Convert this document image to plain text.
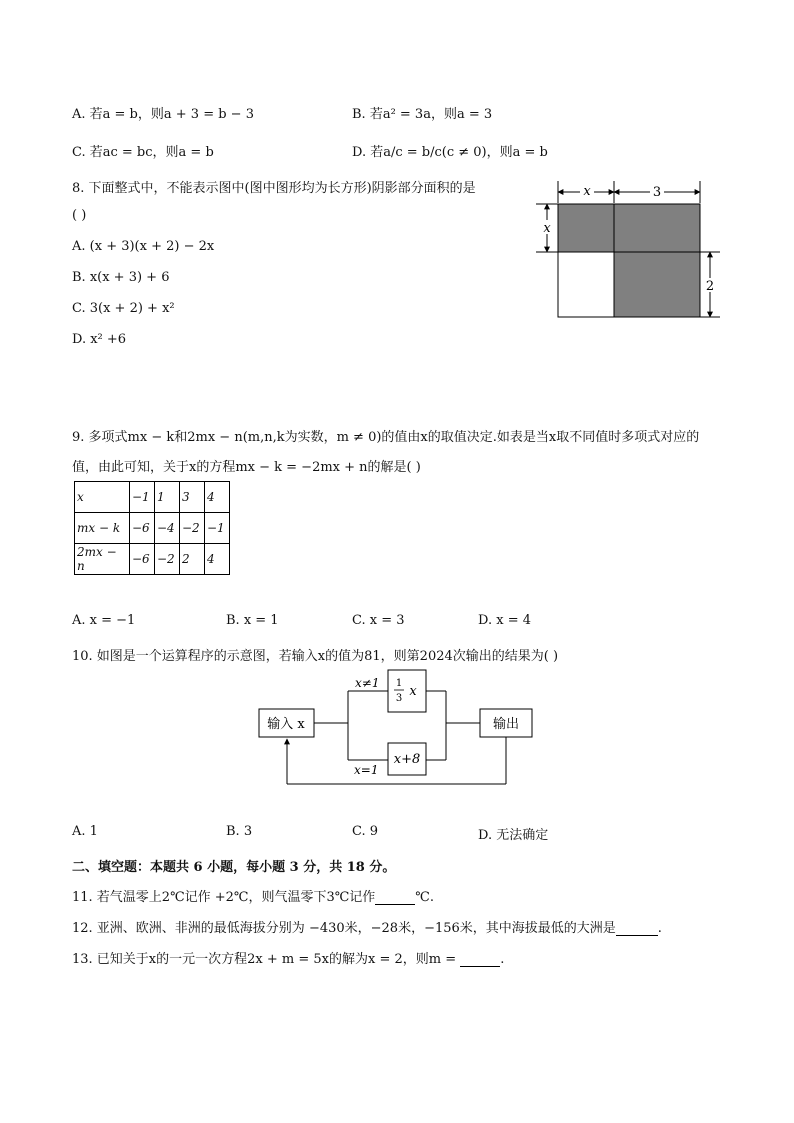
A. 若a = b，则a + 3 = b − 3	B. 若a² = 3a，则a = 3
C. 若ac = bc，则a = b	D. 若a/c = b/c(c ≠ 0)，则a = b
8. 下面整式中，不能表示图中(图中图形均为长方形)阴影部分面积的是
( )
A. (x + 3)(x + 2) − 2x
B. x(x + 3) + 6
C. 3(x + 2) + x²
D. x² +6
x	3
x
2
9. 多项式mx − k和2mx − n(m,n,k为实数，m ≠ 0)的值由x的取值决定.如表是当x取不同值时多项式对应的
值，由此可知，关于x的方程mx − k = −2mx + n的解是( )
x	−1	1	3	4
mx − k	−6	−4	−2	−1
2mx − n	−6	−2	2	4
A. x = −1	B. x = 1	C. x = 3	D. x = 4
10. 如图是一个运算程序的示意图，若输入x的值为81，则第2024次输出的结果为( )
输入 x
1
3 x
x+8
输出
x≠1
x=1
A. 1	B. 3	C. 9	D. 无法确定
二、填空题：本题共 6 小题，每小题 3 分，共 18 分。
11. 若气温零上2℃记作 +2℃，则气温零下3℃记作	℃.
12. 亚洲、欧洲、非洲的最低海拔分别为 −430米，−28米，−156米，其中海拔最低的大洲是	.
13. 已知关于x的一元一次方程2x + m = 5x的解为x = 2，则m =	.
